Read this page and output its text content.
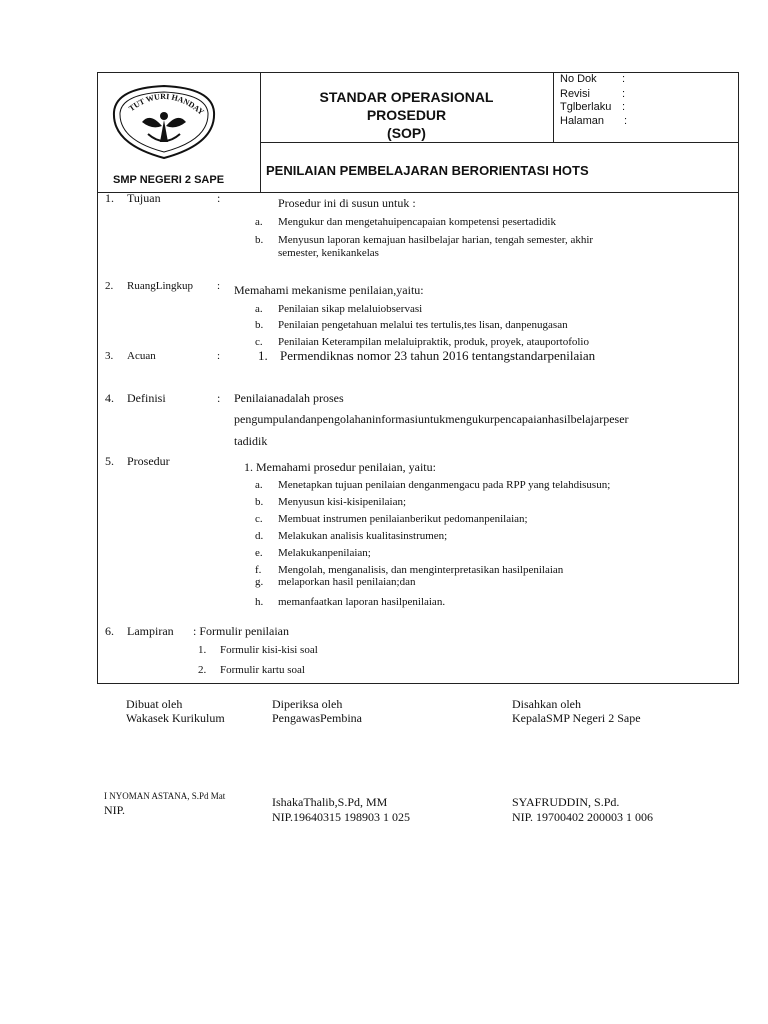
TUT WURI HANDAY
SMP NEGERI 2 SAPE
STANDAR OPERASIONAL
PROSEDUR
(SOP)
No Dok :
Revisi	:
Tglberlaku :
Halaman :
PENILAIAN PEMBELAJARAN BERORIENTASI HOTS
1. Tujuan	:	Prosedur ini di susun untuk :
a. Mengukur dan mengetahuipencapaian kompetensi pesertadidik
b. Menyusun laporan kemajuan hasilbelajar harian, tengah semester, akhir
semester, kenikankelas
2. RuangLingkup : Memahami mekanisme penilaian,yaitu:
a. Penilaian sikap melaluiobservasi
b. Penilaian pengetahuan melalui tes tertulis,tes lisan, danpenugasan
c. Penilaian Keterampilan melaluipraktik, produk, proyek, atauportofolio
3. Acuan	:	1. Permendiknas nomor 23 tahun 2016 tentangstandarpenilaian
4. Definisi	: Penilaianadalah proses
pengumpulandanpengolahaninformasiuntukmengukurpencapaianhasilbelajarpeser
tadidik
5. Prosedur	1. Memahami prosedur penilaian, yaitu:
a. Menetapkan tujuan penilaian denganmengacu pada RPP yang telahdisusun;
b. Menyusun kisi-kisipenilaian;
c. Membuat instrumen penilaianberikut pedomanpenilaian;
d. Melakukan analisis kualitasinstrumen;
e. Melakukanpenilaian;
f. Mengolah, menganalisis, dan menginterpretasikan hasilpenilaian
g. melaporkan hasil penilaian;dan
h. memanfaatkan laporan hasilpenilaian.
6. Lampiran : Formulir penilaian
1. Formulir kisi-kisi soal
2. Formulir kartu soal
Dibuat oleh
Wakasek Kurikulum
Diperiksa oleh
PengawasPembina
Disahkan oleh
KepalaSMP Negeri 2 Sape
I NYOMAN ASTANA, S.Pd Mat
NIP.
IshakaThalib,S.Pd, MM
NIP.19640315 198903 1 025
SYAFRUDDIN, S.Pd.
NIP. 19700402 200003 1 006
